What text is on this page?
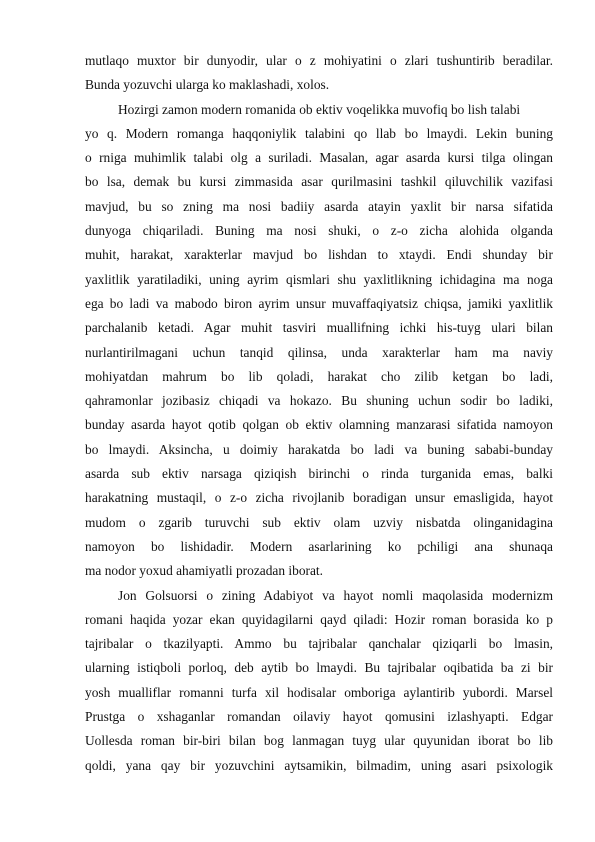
mutlaqo muxtor bir dunyodir, ular o z mohiyatini o zlari tushuntirib beradilar.
Bunda yozuvchi ularga ko maklashadi, xolos.
Hozirgi zamon modern romanida ob ektiv voqelikka muvofiq bo lish talabi
yo q. Modern romanga haqqoniylik talabini qo llab bo lmaydi. Lekin buning
o rniga muhimlik talabi olg a suriladi. Masalan, agar asarda kursi tilga olingan
bo lsa, demak bu kursi zimmasida asar qurilmasini tashkil qiluvchilik vazifasi
mavjud, bu so zning ma nosi badiiy asarda atayin yaxlit bir narsa sifatida
dunyoga chiqariladi. Buning ma nosi shuki, o z-o zicha alohida olganda
muhit, harakat, xarakterlar mavjud bo lishdan to xtaydi. Endi shunday bir
yaxlitlik yaratiladiki, uning ayrim qismlari shu yaxlitlikning ichidagina ma noga
ega bo ladi va mabodo biron ayrim unsur muvaffaqiyatsiz chiqsa, jamiki yaxlitlik
parchalanib ketadi. Agar muhit tasviri muallifning ichki his-tuyg ulari bilan
nurlantirilmagani uchun tanqid qilinsa, unda xarakterlar ham ma naviy
mohiyatdan mahrum bo lib qoladi, harakat cho zilib ketgan bo ladi,
qahramonlar jozibasiz chiqadi va hokazo. Bu shuning uchun sodir bo ladiki,
bunday asarda hayot qotib qolgan ob ektiv olamning manzarasi sifatida namoyon
bo lmaydi. Aksincha, u doimiy harakatda bo ladi va buning sababi-bunday
asarda sub ektiv narsaga qiziqish birinchi o rinda turganida emas, balki
harakatning mustaqil, o z-o zicha rivojlanib boradigan unsur emasligida, hayot
mudom o zgarib turuvchi sub ektiv olam uzviy nisbatda olinganidagina
namoyon bo lishidadir. Modern asarlarining ko pchiligi ana shunaqa
ma nodor yoxud ahamiyatli prozadan iborat.
Jon Golsuorsi o zining Adabiyot va hayot nomli maqolasida modernizm
romani haqida yozar ekan quyidagilarni qayd qiladi: Hozir roman borasida ko p
tajribalar o tkazilyapti. Ammo bu tajribalar qanchalar qiziqarli bo lmasin,
ularning istiqboli porloq, deb aytib bo lmaydi. Bu tajribalar oqibatida ba zi bir
yosh mualliflar romanni turfa xil hodisalar omboriga aylantirib yubordi. Marsel
Prustga o xshaganlar romandan oilaviy hayot qomusini izlashyapti. Edgar
Uollesda roman bir-biri bilan bog lanmagan tuyg ular quyunidan iborat bo lib
qoldi, yana qay bir yozuvchini aytsamikin, bilmadim, uning asari psixologik
